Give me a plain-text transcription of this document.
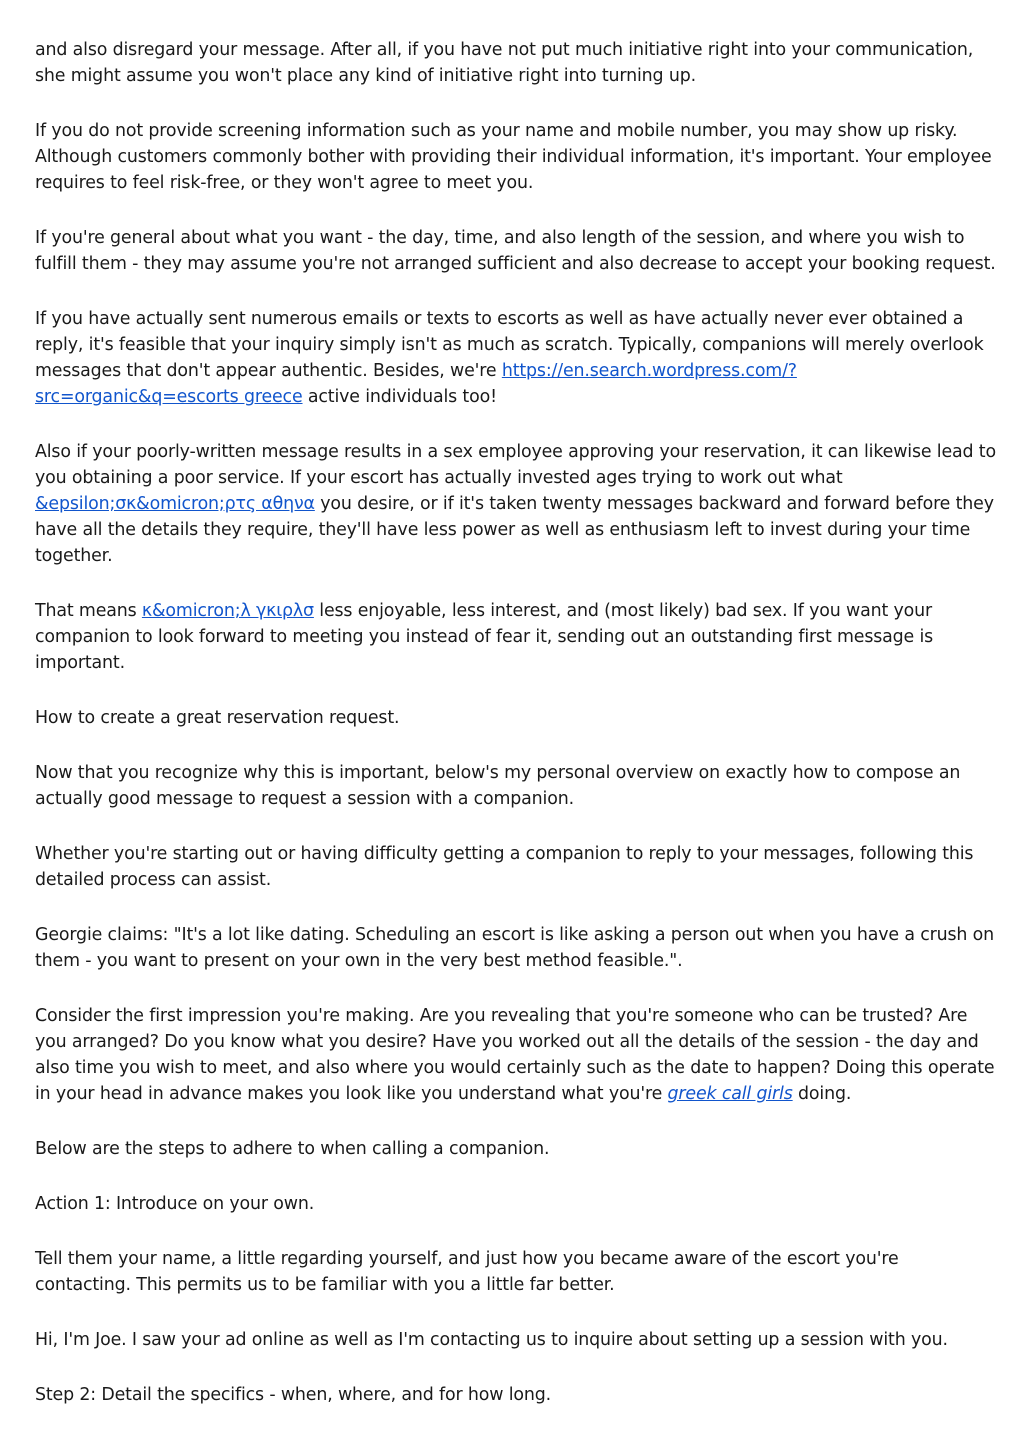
and also disregard your message. After all, if you have not put much initiative right into your communication, she might assume you won't place any kind of initiative right into turning up.

If you do not provide screening information such as your name and mobile number, you may show up risky. Although customers commonly bother with providing their individual information, it's important. Your employee requires to feel risk-free, or they won't agree to meet you.

If you're general about what you want - the day, time, and also length of the session, and where you wish to fulfill them - they may assume you're not arranged sufficient and also decrease to accept your booking request.

If you have actually sent numerous emails or texts to escorts as well as have actually never ever obtained a reply, it's feasible that your inquiry simply isn't as much as scratch. Typically, companions will merely overlook messages that don't appear authentic. Besides, we're https://en.search.wordpress.com/?src=organic&q=escorts greece active individuals too!

Also if your poorly-written message results in a sex employee approving your reservation, it can likewise lead to you obtaining a poor service. If your escort has actually invested ages trying to work out what &epsilon;σκ&omicron;ρτς αθηνα you desire, or if it's taken twenty messages backward and forward before they have all the details they require, they'll have less power as well as enthusiasm left to invest during your time together.

That means κ&omicron;λ γκιρλσ less enjoyable, less interest, and (most likely) bad sex. If you want your companion to look forward to meeting you instead of fear it, sending out an outstanding first message is important.

How to create a great reservation request.

Now that you recognize why this is important, below's my personal overview on exactly how to compose an actually good message to request a session with a companion.

Whether you're starting out or having difficulty getting a companion to reply to your messages, following this detailed process can assist.

Georgie claims: "It's a lot like dating. Scheduling an escort is like asking a person out when you have a crush on them - you want to present on your own in the very best method feasible.".

Consider the first impression you're making. Are you revealing that you're someone who can be trusted? Are you arranged? Do you know what you desire? Have you worked out all the details of the session - the day and also time you wish to meet, and also where you would certainly such as the date to happen? Doing this operate in your head in advance makes you look like you understand what you're greek call girls doing.

Below are the steps to adhere to when calling a companion.

Action 1: Introduce on your own.

Tell them your name, a little regarding yourself, and just how you became aware of the escort you're contacting. This permits us to be familiar with you a little far better.

Hi, I'm Joe. I saw your ad online as well as I'm contacting us to inquire about setting up a session with you.

Step 2: Detail the specifics - when, where, and for how long.
